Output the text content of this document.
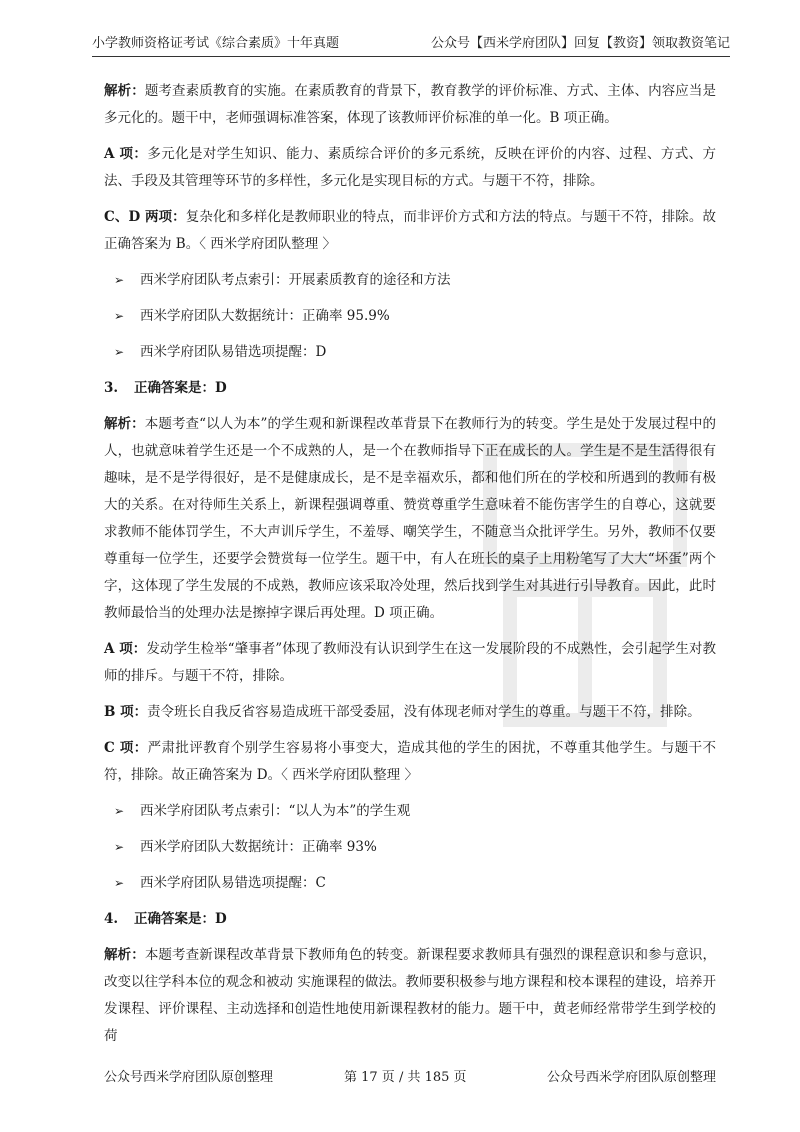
小学教师资格证考试《综合素质》十年真题	公众号【西米学府团队】回复【教资】领取教资笔记

解析：题考查素质教育的实施。在素质教育的背景下，教育教学的评价标准、方式、主体、内容应当是多元化的。题干中，老师强调标准答案，体现了该教师评价标准的单一化。B 项正确。

A 项：多元化是对学生知识、能力、素质综合评价的多元系统，反映在评价的内容、过程、方式、方法、手段及其管理等环节的多样性，多元化是实现目标的方式。与题干不符，排除。

C、D 两项：复杂化和多样化是教师职业的特点，而非评价方式和方法的特点。与题干不符，排除。故正确答案为 B。〈 西米学府团队整理 〉

➢	西米学府团队考点索引：开展素质教育的途径和方法
➢	西米学府团队大数据统计：正确率 95.9%
➢	西米学府团队易错选项提醒：D
3. 正确答案是：D

解析：本题考查“以人为本”的学生观和新课程改革背景下在教师行为的转变。学生是处于发展过程中的人，也就意味着学生还是一个不成熟的人，是一个在教师指导下正在成长的人。学生是不是生活得很有趣味，是不是学得很好，是不是健康成长，是不是幸福欢乐，都和他们所在的学校和所遇到的教师有极大的关系。在对待师生关系上，新课程强调尊重、赞赏尊重学生意味着不能伤害学生的自尊心，这就要求教师不能体罚学生，不大声训斥学生，不羞辱、嘲笑学生，不随意当众批评学生。另外，教师不仅要尊重每一位学生，还要学会赞赏每一位学生。题干中，有人在班长的桌子上用粉笔写了大大“坏蛋”两个字，这体现了学生发展的不成熟，教师应该采取冷处理，然后找到学生对其进行引导教育。因此，此时教师最恰当的处理办法是擦掉字课后再处理。D 项正确。

A 项：发动学生检举“肇事者”体现了教师没有认识到学生在这一发展阶段的不成熟性，会引起学生对教师的排斥。与题干不符，排除。

B 项：责令班长自我反省容易造成班干部受委屈，没有体现老师对学生的尊重。与题干不符，排除。

C 项：严肃批评教育个别学生容易将小事变大，造成其他的学生的困扰，不尊重其他学生。与题干不符，排除。故正确答案为 D。〈 西米学府团队整理 〉

➢	西米学府团队考点索引：“以人为本”的学生观
➢	西米学府团队大数据统计：正确率 93%
➢	西米学府团队易错选项提醒：C
4. 正确答案是：D

解析：本题考查新课程改革背景下教师角色的转变。新课程要求教师具有强烈的课程意识和参与意识，改变以往学科本位的观念和被动 实施课程的做法。教师要积极参与地方课程和校本课程的建设，培养开发课程、评价课程、主动选择和创造性地使用新课程教材的能力。题干中，黄老师经常带学生到学校的荷

公众号西米学府团队原创整理	第 17 页 / 共 185 页	公众号西米学府团队原创整理
